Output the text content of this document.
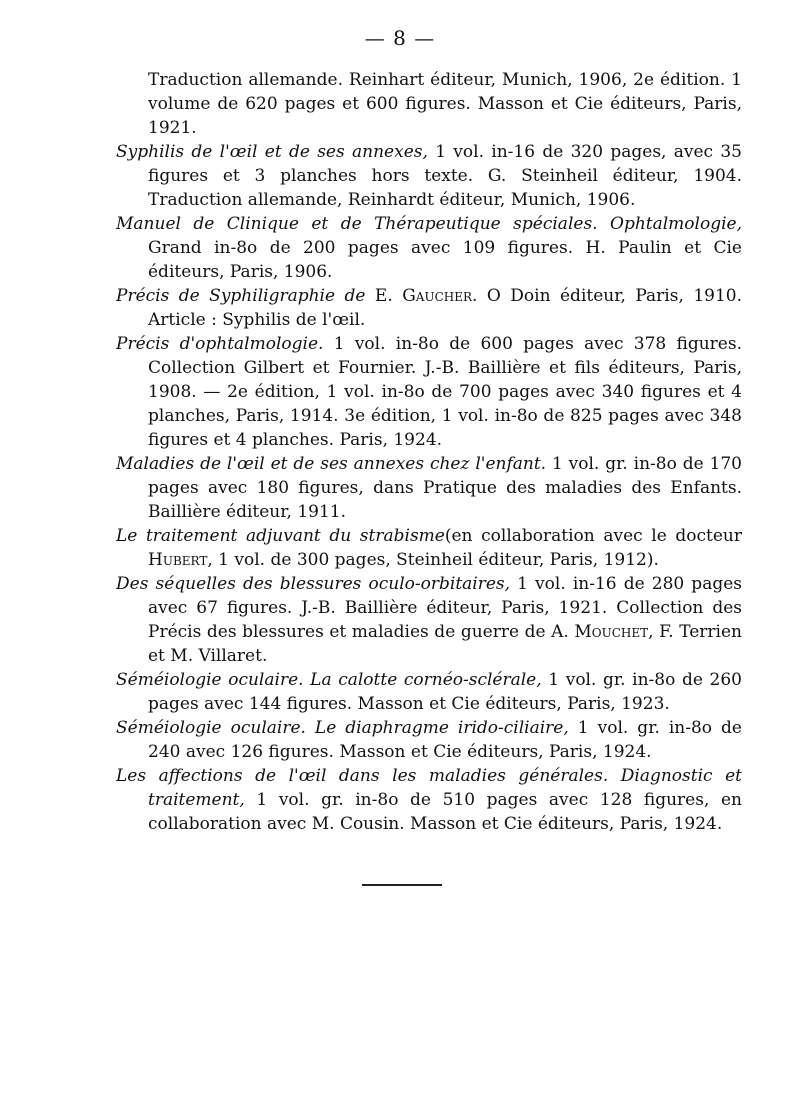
— 8 —

Traduction allemande. Reinhart éditeur, Munich, 1906, 2e édition. 1 volume de 620 pages et 600 figures. Masson et Cie éditeurs, Paris, 1921.

Syphilis de l'œil et de ses annexes, 1 vol. in-16 de 320 pages, avec 35 figures et 3 planches hors texte. G. Steinheil éditeur, 1904. Traduction allemande, Reinhardt éditeur, Munich, 1906.

Manuel de Clinique et de Thérapeutique spéciales. Ophtalmologie, Grand in-8o de 200 pages avec 109 figures. H. Paulin et Cie éditeurs, Paris, 1906.

Précis de Syphiligraphie de E. Gaucher. O Doin éditeur, Paris, 1910. Article : Syphilis de l'œil.

Précis d'ophtalmologie. 1 vol. in-8o de 600 pages avec 378 figures. Collection Gilbert et Fournier. J.-B. Baillière et fils éditeurs, Paris, 1908. — 2e édition, 1 vol. in-8o de 700 pages avec 340 figures et 4 planches, Paris, 1914. 3e édition, 1 vol. in-8o de 825 pages avec 348 figures et 4 planches. Paris, 1924.

Maladies de l'œil et de ses annexes chez l'enfant. 1 vol. gr. in-8o de 170 pages avec 180 figures, dans Pratique des maladies des Enfants. Baillière éditeur, 1911.

Le traitement adjuvant du strabisme(en collaboration avec le docteur Hubert, 1 vol. de 300 pages, Steinheil éditeur, Paris, 1912).

Des séquelles des blessures oculo-orbitaires, 1 vol. in-16 de 280 pages avec 67 figures. J.-B. Baillière éditeur, Paris, 1921. Collection des Précis des blessures et maladies de guerre de A. Mouchet, F. Terrien et M. Villaret.

Séméiologie oculaire. La calotte cornéo-sclérale, 1 vol. gr. in-8o de 260 pages avec 144 figures. Masson et Cie éditeurs, Paris, 1923.

Séméiologie oculaire. Le diaphragme irido-ciliaire, 1 vol. gr. in-8o de 240 avec 126 figures. Masson et Cie éditeurs, Paris, 1924.

Les affections de l'œil dans les maladies générales. Diagnostic et traitement, 1 vol. gr. in-8o de 510 pages avec 128 figures, en collaboration avec M. Cousin. Masson et Cie éditeurs, Paris, 1924.
